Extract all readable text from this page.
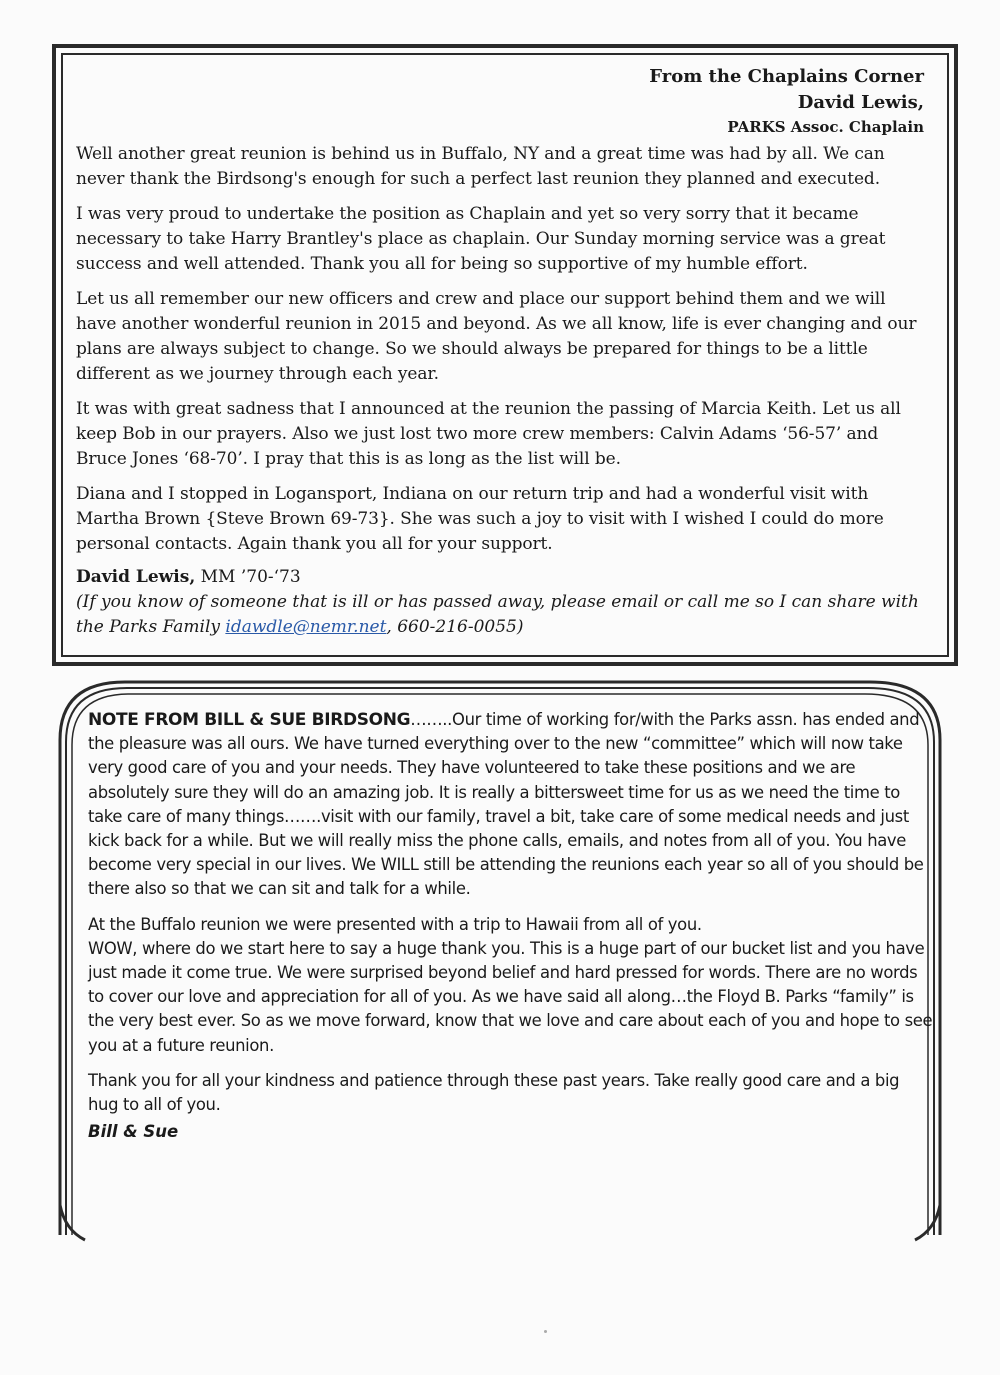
From the Chaplains Corner
David Lewis,
PARKS Assoc. Chaplain

Well another great reunion is behind us in Buffalo, NY and a great time was had by all. We can never thank the Birdsong's enough for such a perfect last reunion they planned and executed.

I was very proud to undertake the position as Chaplain and yet so very sorry that it became necessary to take Harry Brantley's place as chaplain. Our Sunday morning service was a great success and well attended. Thank you all for being so supportive of my humble effort.

Let us all remember our new officers and crew and place our support behind them and we will have another wonderful reunion in 2015 and beyond. As we all know, life is ever changing and our plans are always subject to change. So we should always be prepared for things to be a little different as we journey through each year.

It was with great sadness that I announced at the reunion the passing of Marcia Keith. Let us all keep Bob in our prayers. Also we just lost two more crew members: Calvin Adams ‘56-57’ and Bruce Jones ‘68-70’. I pray that this is as long as the list will be.

Diana and I stopped in Logansport, Indiana on our return trip and had a wonderful visit with Martha Brown {Steve Brown 69-73}. She was such a joy to visit with I wished I could do more personal contacts. Again thank you all for your support.

David Lewis, MM ’70-‘73
(If you know of someone that is ill or has passed away, please email or call me so I can share with the Parks Family idawdle@nemr.net, 660-216-0055)

NOTE FROM BILL & SUE BIRDSONG……..Our time of working for/with the Parks assn. has ended and the pleasure was all ours. We have turned everything over to the new “committee” which will now take very good care of you and your needs. They have volunteered to take these positions and we are absolutely sure they will do an amazing job. It is really a bittersweet time for us as we need the time to take care of many things…….visit with our family, travel a bit, take care of some medical needs and just kick back for a while. But we will really miss the phone calls, emails, and notes from all of you. You have become very special in our lives. We WILL still be attending the reunions each year so all of you should be there also so that we can sit and talk for a while.

At the Buffalo reunion we were presented with a trip to Hawaii from all of you.
WOW, where do we start here to say a huge thank you. This is a huge part of our bucket list and you have just made it come true. We were surprised beyond belief and hard pressed for words. There are no words to cover our love and appreciation for all of you. As we have said all along…the Floyd B. Parks “family” is the very best ever. So as we move forward, know that we love and care about each of you and hope to see you at a future reunion.

Thank you for all your kindness and patience through these past years. Take really good care and a big hug to all of you.

Bill & Sue
